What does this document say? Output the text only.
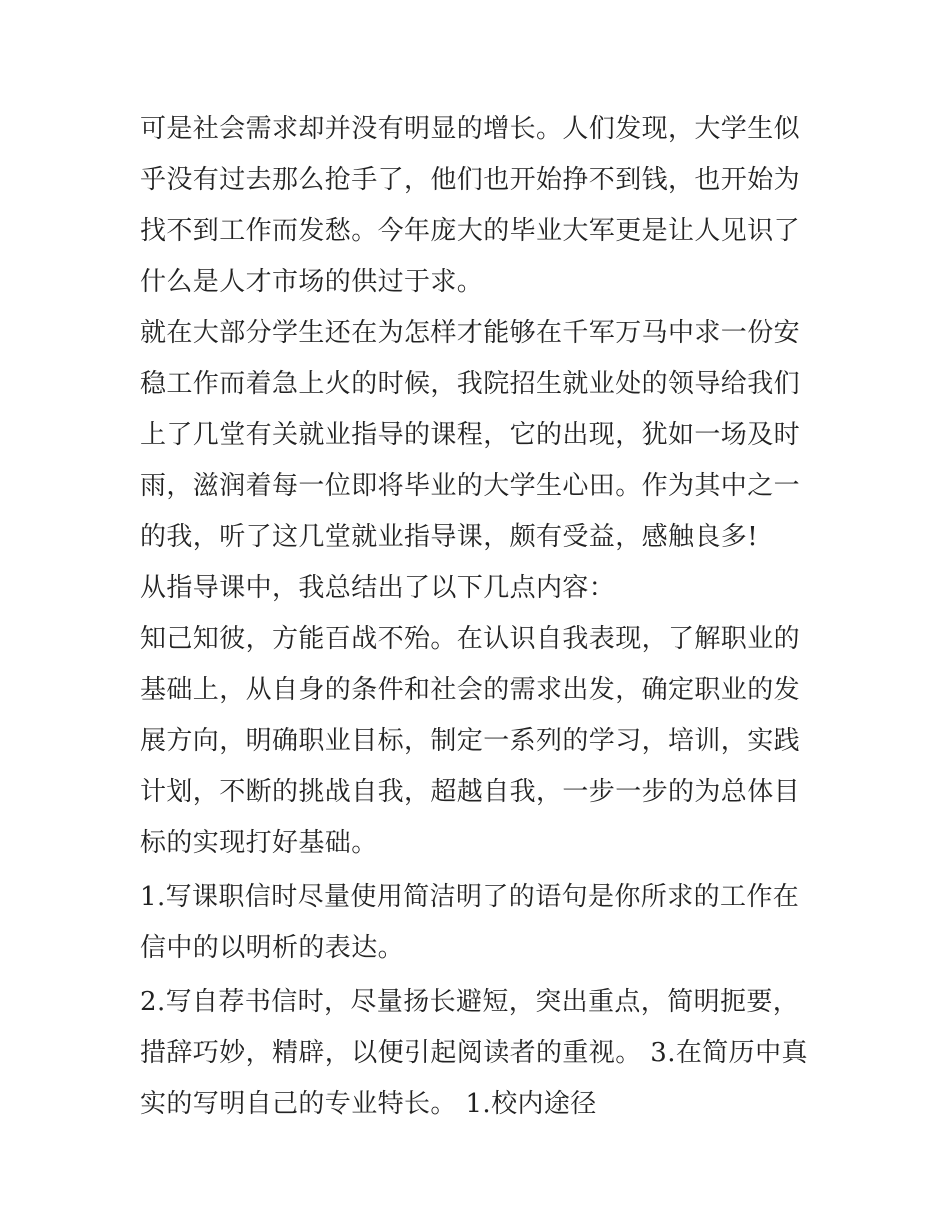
可是社会需求却并没有明显的增长。人们发现，大学生似乎没有过去那么抢手了，他们也开始挣不到钱，也开始为找不到工作而发愁。今年庞大的毕业大军更是让人见识了什么是人才市场的供过于求。

就在大部分学生还在为怎样才能够在千军万马中求一份安稳工作而着急上火的时候，我院招生就业处的领导给我们上了几堂有关就业指导的课程，它的出现，犹如一场及时雨，滋润着每一位即将毕业的大学生心田。作为其中之一的我，听了这几堂就业指导课，颇有受益，感触良多!

从指导课中，我总结出了以下几点内容：

知己知彼，方能百战不殆。在认识自我表现，了解职业的基础上，从自身的条件和社会的需求出发，确定职业的发展方向，明确职业目标，制定一系列的学习，培训，实践计划，不断的挑战自我，超越自我，一步一步的为总体目标的实现打好基础。

1.写课职信时尽量使用简洁明了的语句是你所求的工作在信中的以明析的表达。

2.写自荐书信时，尽量扬长避短，突出重点，简明扼要，措辞巧妙，精辟，以便引起阅读者的重视。 3.在简历中真实的写明自己的专业特长。 1.校内途径
